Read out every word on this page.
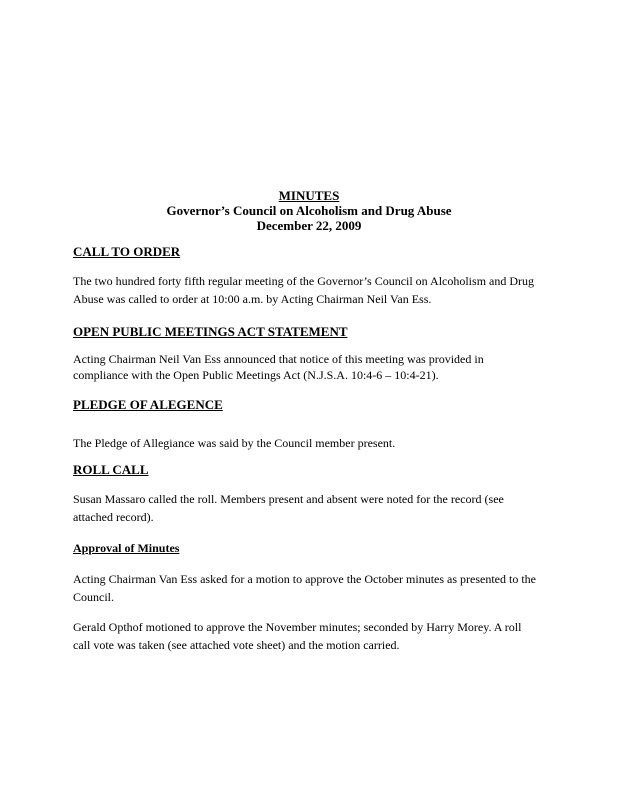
MINUTES
Governor’s Council on Alcoholism and Drug Abuse
December 22, 2009
CALL TO ORDER
The two hundred forty fifth regular meeting of the Governor’s Council on Alcoholism and Drug
Abuse was called to order at 10:00 a.m. by Acting Chairman Neil Van Ess.
OPEN PUBLIC MEETINGS ACT STATEMENT
Acting Chairman Neil Van Ess announced that notice of this meeting was provided in
compliance with the Open Public Meetings Act (N.J.S.A. 10:4-6 – 10:4-21).
PLEDGE OF ALEGENCE
The Pledge of Allegiance was said by the Council member present.
ROLL CALL
Susan Massaro called the roll. Members present and absent were noted for the record (see
attached record).
Approval of Minutes
Acting Chairman Van Ess asked for a motion to approve the October minutes as presented to the
Council.
Gerald Opthof motioned to approve the November minutes; seconded by Harry Morey. A roll
call vote was taken (see attached vote sheet) and the motion carried.
